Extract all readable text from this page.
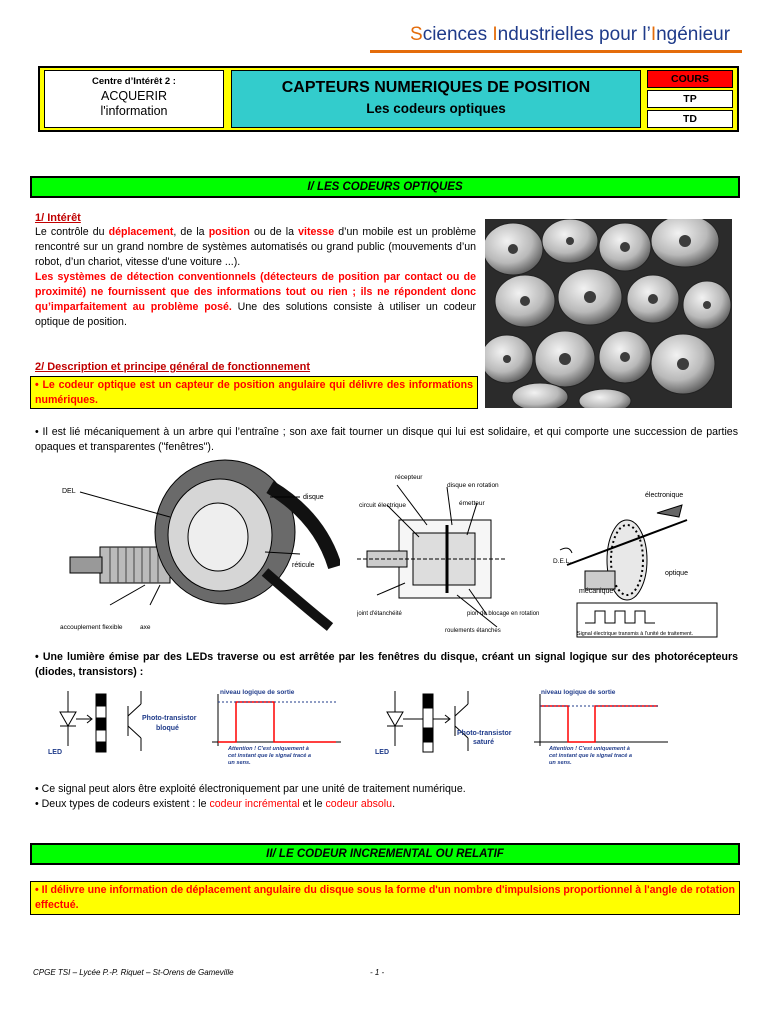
Sciences Industrielles pour l’Ingénieur
Centre d’Intérêt 2 :
ACQUERIR
l'information
CAPTEURS NUMERIQUES DE POSITION
Les codeurs optiques
COURS
TP
TD
I/ LES CODEURS OPTIQUES
1/ Intérêt
Le contrôle du déplacement, de la position ou de la vitesse d’un mobile est un problème rencontré sur un grand nombre de systèmes automatisés ou grand public (mouvements d’un robot, d’un chariot, vitesse d'une voiture ...).
Les systèmes de détection conventionnels (détecteurs de position par contact ou de proximité) ne fournissent que des informations tout ou rien ; ils ne répondent donc qu’imparfaitement au problème posé. Une des solutions consiste à utiliser un codeur optique de position.
2/ Description et principe général de fonctionnement
• Le codeur optique est un capteur de position angulaire qui délivre des informations numériques.
• Il est lié mécaniquement à un arbre qui l’entraîne ; son axe fait tourner un disque qui lui est solidaire, et qui comporte une succession de parties opaques et transparentes ("fenêtres").
DEL
disque
réticule
accouplement flexible	axe
récepteur
disque en rotation
circuit électrique	émetteur
électronique
D.E.L.
optique
mécanique
joint d'étanchéité	pion de blocage en rotation
roulements étanches	Signal électrique transmis à l'unité de traitement.
• Une lumière émise par des LEDs traverse ou est arrêtée par les fenêtres du disque, créant un signal logique sur des photorécepteurs (diodes, transistors) :
LED
Photo-transistor
bloqué
niveau logique de sortie
Attention ! C'est uniquement à cet instant que le signal tracé a un sens.
LED
Photo-transistor
saturé
niveau logique de sortie
Attention ! C'est uniquement à cet instant que le signal tracé a un sens.
• Ce signal peut alors être exploité électroniquement par une unité de traitement numérique.
• Deux types de codeurs existent : le codeur incrémental et le codeur absolu.
II/ LE CODEUR INCREMENTAL OU RELATIF
• Il délivre une information de déplacement angulaire du disque sous la forme d'un nombre d'impulsions proportionnel à l'angle de rotation effectué.
CPGE TSI – Lycée P.-P. Riquet – St-Orens de Gameville	- 1 -
